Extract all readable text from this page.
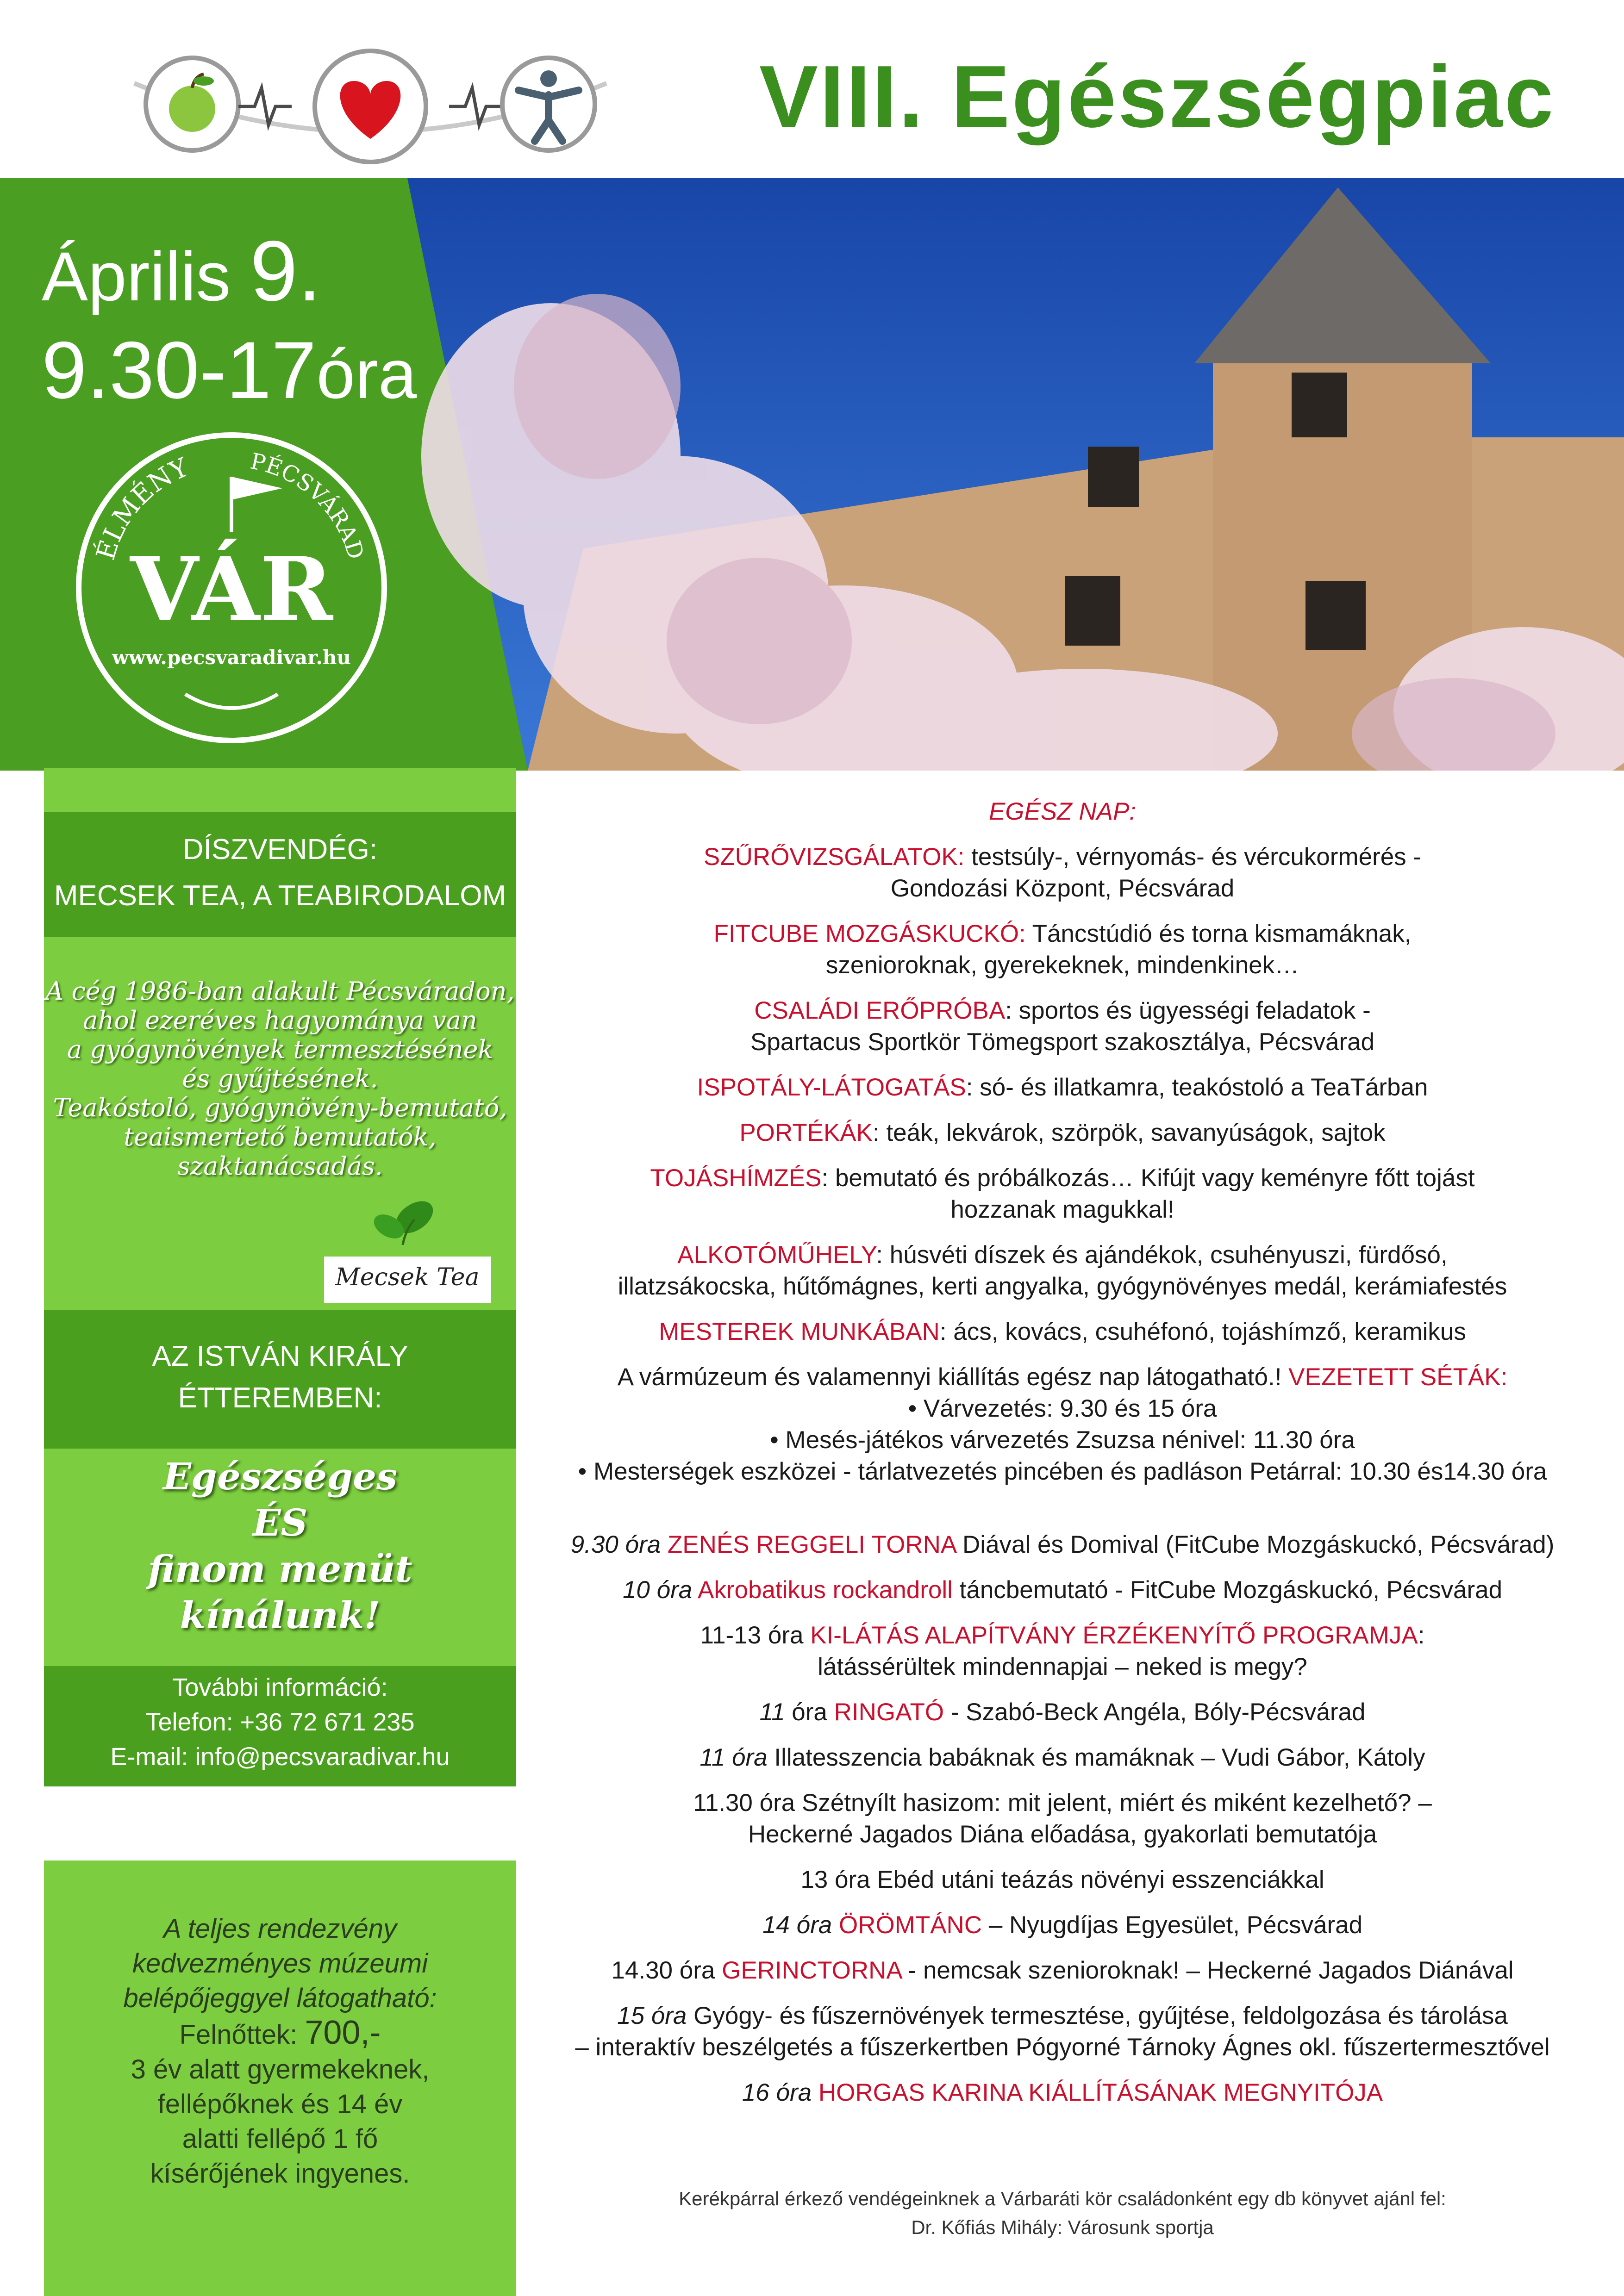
VIII. Egészségpiac
Április 9.
9.30-17óra
ÉLMÉNY PÉCSVÁRAD
VÁR
www.pecsvaradivar.hu
DÍSZVENDÉG:
MECSEK TEA, A TEABIRODALOM
A cég 1986-ban alakult Pécsváradon,
ahol ezeréves hagyománya van
a gyógynövények termesztésének
és gyűjtésének.
Teakóstoló, gyógynövény-bemutató,
teaismertető bemutatók,
szaktanácsadás.
Mecsek Tea
AZ ISTVÁN KIRÁLY
ÉTTEREMBEN:
Egészséges
ÉS
finom menüt
kínálunk!
További információ:
Telefon: +36 72 671 235
E-mail: info@pecsvaradivar.hu
A teljes rendezvény
kedvezményes múzeumi
belépőjeggyel látogatható:
Felnőttek: 700,-
3 év alatt gyermekeknek,
fellépőknek és 14 év
alatti fellépő 1 fő
kísérőjének ingyenes.

EGÉSZ NAP:

SZŰRŐVIZSGÁLATOK: testsúly-, vérnyomás- és vércukormérés -
Gondozási Központ, Pécsvárad

FITCUBE MOZGÁSKUCKÓ: Táncstúdió és torna kismamáknak,
szenioroknak, gyerekeknek, mindenkinek…

CSALÁDI ERŐPRÓBA: sportos és ügyességi feladatok -
Spartacus Sportkör Tömegsport szakosztálya, Pécsvárad

ISPOTÁLY-LÁTOGATÁS: só- és illatkamra, teakóstoló a TeaTárban

PORTÉKÁK: teák, lekvárok, szörpök, savanyúságok, sajtok

TOJÁSHÍMZÉS: bemutató és próbálkozás… Kifújt vagy keményre főtt tojást
hozzanak magukkal!

ALKOTÓMŰHELY: húsvéti díszek és ajándékok, csuhényuszi, fürdősó,
illatzsákocska, hűtőmágnes, kerti angyalka, gyógynövényes medál, kerámiafestés

MESTEREK MUNKÁBAN: ács, kovács, csuhéfonó, tojáshímző, keramikus

A vármúzeum és valamennyi kiállítás egész nap látogatható.! VEZETETT SÉTÁK:
• Várvezetés: 9.30 és 15 óra
• Mesés-játékos várvezetés Zsuzsa nénivel: 11.30 óra
• Mesterségek eszközei - tárlatvezetés pincében és padláson Petárral: 10.30 és14.30 óra

9.30 óra ZENÉS REGGELI TORNA Diával és Domival (FitCube Mozgáskuckó, Pécsvárad)

10 óra Akrobatikus rockandroll táncbemutató - FitCube Mozgáskuckó, Pécsvárad

11-13 óra KI-LÁTÁS ALAPÍTVÁNY ÉRZÉKENYÍTŐ PROGRAMJA:
látássérültek mindennapjai – neked is megy?

11 óra RINGATÓ - Szabó-Beck Angéla, Bóly-Pécsvárad

11 óra Illatesszencia babáknak és mamáknak – Vudi Gábor, Kátoly

11.30 óra Szétnyílt hasizom: mit jelent, miért és miként kezelhető? –
Heckerné Jagados Diána előadása, gyakorlati bemutatója

13 óra Ebéd utáni teázás növényi esszenciákkal

14 óra ÖRÖMTÁNC – Nyugdíjas Egyesület, Pécsvárad

14.30 óra GERINCTORNA - nemcsak szenioroknak! – Heckerné Jagados Diánával

15 óra Gyógy- és fűszernövények termesztése, gyűjtése, feldolgozása és tárolása
– interaktív beszélgetés a fűszerkertben Pógyorné Tárnoky Ágnes okl. fűszertermesztővel

16 óra HORGAS KARINA KIÁLLÍTÁSÁNAK MEGNYITÓJA

Kerékpárral érkező vendégeinknek a Várbaráti kör családonként egy db könyvet ajánl fel:
Dr. Kőfiás Mihály: Városunk sportja
